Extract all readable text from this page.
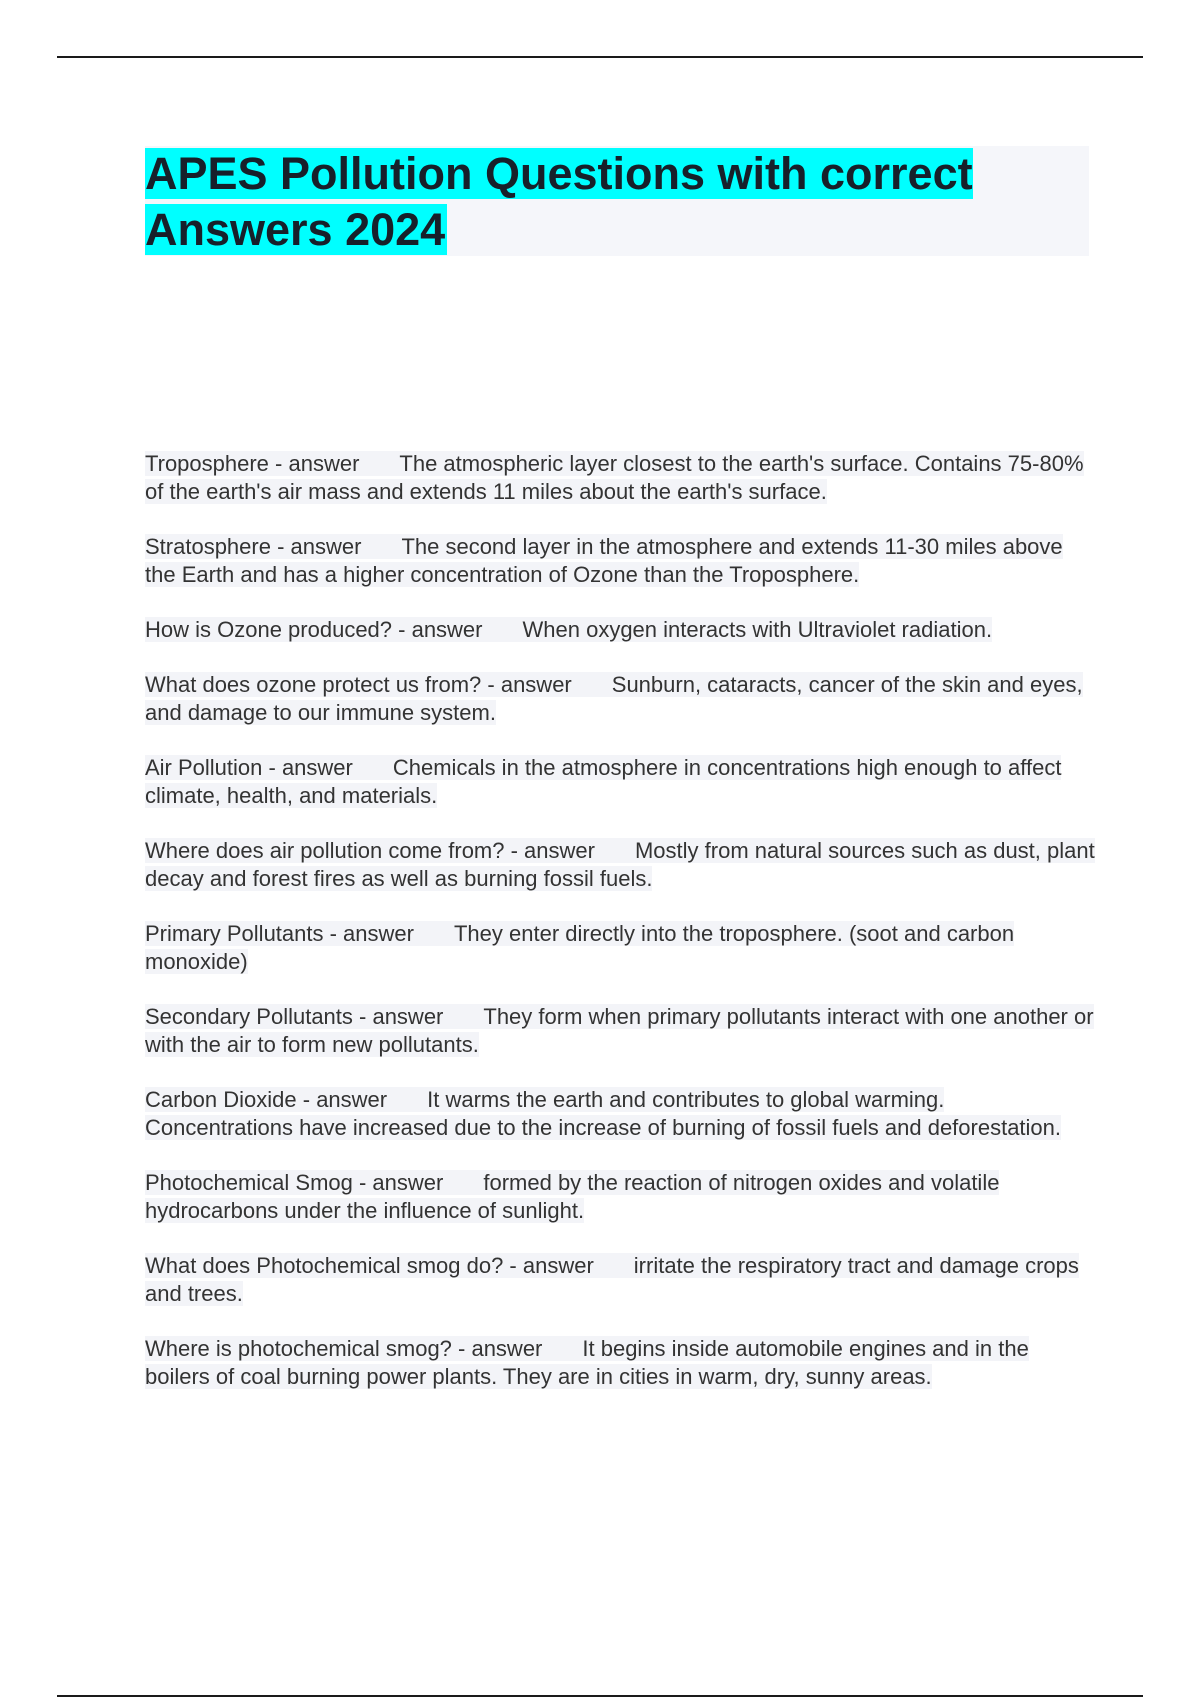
APES Pollution Questions with correct Answers 2024

Troposphere - answer The atmospheric layer closest to the earth's surface. Contains 75-80% of the earth's air mass and extends 11 miles about the earth's surface.

Stratosphere - answer The second layer in the atmosphere and extends 11-30 miles above the Earth and has a higher concentration of Ozone than the Troposphere.

How is Ozone produced? - answer When oxygen interacts with Ultraviolet radiation.

What does ozone protect us from? - answer Sunburn, cataracts, cancer of the skin and eyes, and damage to our immune system.

Air Pollution - answer Chemicals in the atmosphere in concentrations high enough to affect climate, health, and materials.

Where does air pollution come from? - answer Mostly from natural sources such as dust, plant decay and forest fires as well as burning fossil fuels.

Primary Pollutants - answer They enter directly into the troposphere. (soot and carbon monoxide)

Secondary Pollutants - answer They form when primary pollutants interact with one another or with the air to form new pollutants.

Carbon Dioxide - answer It warms the earth and contributes to global warming. Concentrations have increased due to the increase of burning of fossil fuels and deforestation.

Photochemical Smog - answer formed by the reaction of nitrogen oxides and volatile hydrocarbons under the influence of sunlight.

What does Photochemical smog do? - answer irritate the respiratory tract and damage crops and trees.

Where is photochemical smog? - answer It begins inside automobile engines and in the boilers of coal burning power plants. They are in cities in warm, dry, sunny areas.
